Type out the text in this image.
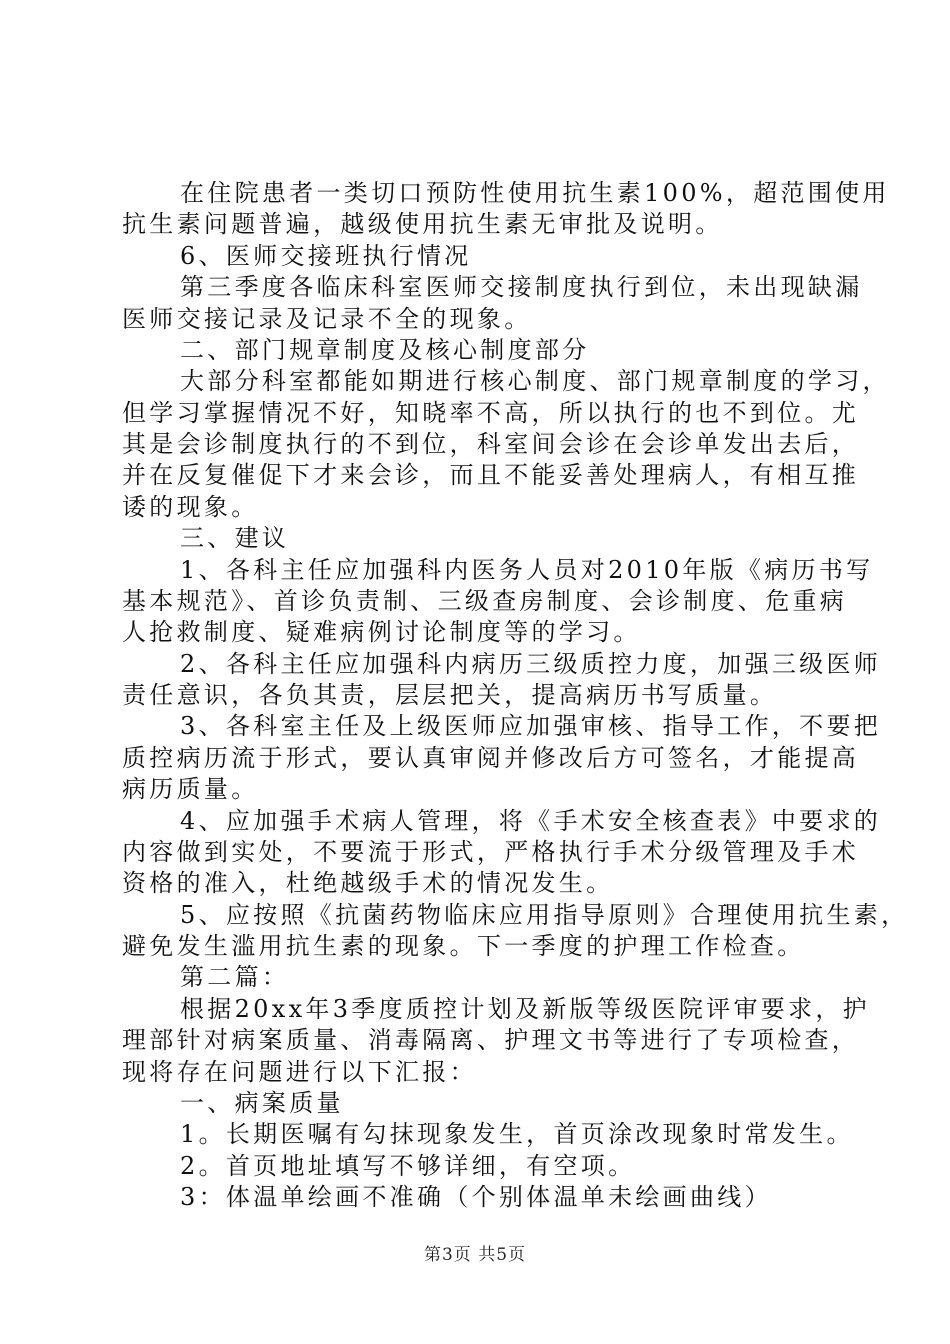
在住院患者一类切口预防性使用抗生素100%，超范围使用
抗生素问题普遍，越级使用抗生素无审批及说明。
6、医师交接班执行情况
第三季度各临床科室医师交接制度执行到位，未出现缺漏
医师交接记录及记录不全的现象。
二、部门规章制度及核心制度部分
大部分科室都能如期进行核心制度、部门规章制度的学习，
但学习掌握情况不好，知晓率不高，所以执行的也不到位。尤
其是会诊制度执行的不到位，科室间会诊在会诊单发出去后，
并在反复催促下才来会诊，而且不能妥善处理病人，有相互推
诿的现象。
三、建议
1、各科主任应加强科内医务人员对2010年版《病历书写
基本规范》、首诊负责制、三级查房制度、会诊制度、危重病
人抢救制度、疑难病例讨论制度等的学习。
2、各科主任应加强科内病历三级质控力度，加强三级医师
责任意识，各负其责，层层把关，提高病历书写质量。
3、各科室主任及上级医师应加强审核、指导工作，不要把
质控病历流于形式，要认真审阅并修改后方可签名，才能提高
病历质量。
4、应加强手术病人管理，将《手术安全核查表》中要求的
内容做到实处，不要流于形式，严格执行手术分级管理及手术
资格的准入，杜绝越级手术的情况发生。
5、应按照《抗菌药物临床应用指导原则》合理使用抗生素，
避免发生滥用抗生素的现象。下一季度的护理工作检查。
第二篇：
根据20xx年3季度质控计划及新版等级医院评审要求，护
理部针对病案质量、消毒隔离、护理文书等进行了专项检查，
现将存在问题进行以下汇报：
一、病案质量
1。长期医嘱有勾抹现象发生，首页涂改现象时常发生。
2。首页地址填写不够详细，有空项。
3：体温单绘画不准确（个别体温单未绘画曲线）
第3页 共5页
